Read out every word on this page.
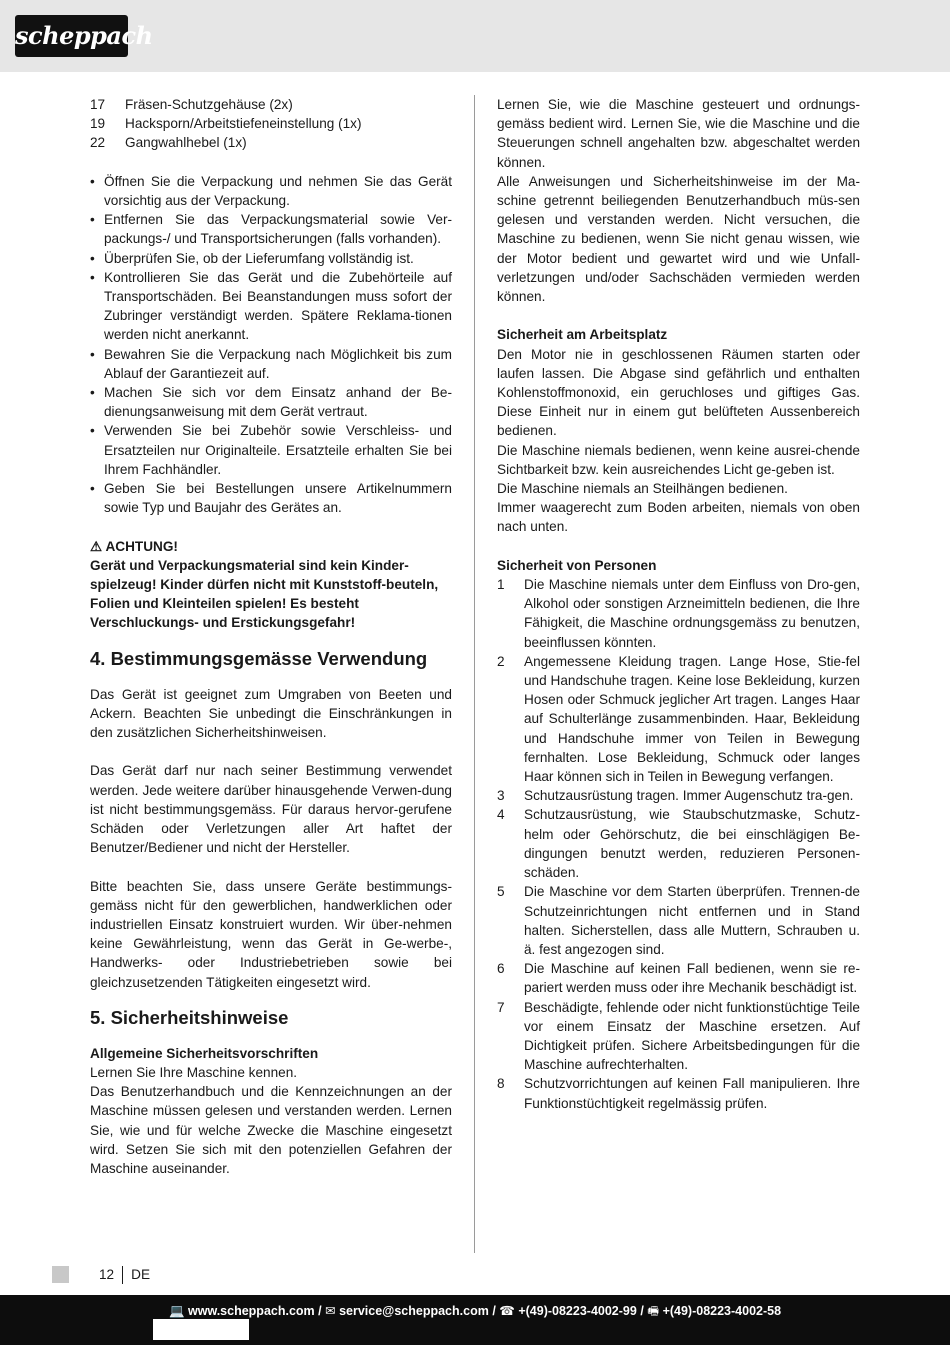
scheppach
17	Fräsen-Schutzgehäuse (2x)
19	Hacksporn/Arbeitstiefeneinstellung (1x)
22	Gangwahlhebel (1x)
• Öffnen Sie die Verpackung und nehmen Sie das Gerät vorsichtig aus der Verpackung.
• Entfernen Sie das Verpackungsmaterial sowie Ver-packungs-/ und Transportsicherungen (falls vorhanden).
• Überprüfen Sie, ob der Lieferumfang vollständig ist.
• Kontrollieren Sie das Gerät und die Zubehörteile auf Transportschäden. Bei Beanstandungen muss sofort der Zubringer verständigt werden. Spätere Reklama-tionen werden nicht anerkannt.
• Bewahren Sie die Verpackung nach Möglichkeit bis zum Ablauf der Garantiezeit auf.
• Machen Sie sich vor dem Einsatz anhand der Be-dienungsanweisung mit dem Gerät vertraut.
• Verwenden Sie bei Zubehör sowie Verschleiss- und Ersatzteilen nur Originalteile. Ersatzteile erhalten Sie bei Ihrem Fachhändler.
• Geben Sie bei Bestellungen unsere Artikelnummern sowie Typ und Baujahr des Gerätes an.
⚠ ACHTUNG!
Gerät und Verpackungsmaterial sind kein Kinder-spielzeug! Kinder dürfen nicht mit Kunststoff-beuteln, Folien und Kleinteilen spielen! Es besteht Verschluckungs- und Erstickungsgefahr!
4. Bestimmungsgemässe Verwendung

Das Gerät ist geeignet zum Umgraben von Beeten und Ackern. Beachten Sie unbedingt die Einschränkungen in den zusätzlichen Sicherheitshinweisen.

Das Gerät darf nur nach seiner Bestimmung verwendet werden. Jede weitere darüber hinausgehende Verwen-dung ist nicht bestimmungsgemäss. Für daraus hervor-gerufene Schäden oder Verletzungen aller Art haftet der Benutzer/Bediener und nicht der Hersteller.

Bitte beachten Sie, dass unsere Geräte bestimmungs-gemäss nicht für den gewerblichen, handwerklichen oder industriellen Einsatz konstruiert wurden. Wir über-nehmen keine Gewährleistung, wenn das Gerät in Ge-werbe-, Handwerks- oder Industriebetrieben sowie bei gleichzusetzenden Tätigkeiten eingesetzt wird.

5. Sicherheitshinweise
Allgemeine Sicherheitsvorschriften

Lernen Sie Ihre Maschine kennen.

Das Benutzerhandbuch und die Kennzeichnungen an der Maschine müssen gelesen und verstanden werden. Lernen Sie, wie und für welche Zwecke die Maschine eingesetzt wird. Setzen Sie sich mit den potenziellen Gefahren der Maschine auseinander.

Lernen Sie, wie die Maschine gesteuert und ordnungs-gemäss bedient wird. Lernen Sie, wie die Maschine und die Steuerungen schnell angehalten bzw. abgeschaltet werden können.

Alle Anweisungen und Sicherheitshinweise im der Ma-schine getrennt beiliegenden Benutzerhandbuch müs-sen gelesen und verstanden werden. Nicht versuchen, die Maschine zu bedienen, wenn Sie nicht genau wissen, wie der Motor bedient und gewartet wird und wie Unfall-verletzungen und/oder Sachschäden vermieden werden können.

Sicherheit am Arbeitsplatz

Den Motor nie in geschlossenen Räumen starten oder laufen lassen. Die Abgase sind gefährlich und enthalten Kohlenstoffmonoxid, ein geruchloses und giftiges Gas. Diese Einheit nur in einem gut belüfteten Aussenbereich bedienen.

Die Maschine niemals bedienen, wenn keine ausrei-chende Sichtbarkeit bzw. kein ausreichendes Licht ge-geben ist.

Die Maschine niemals an Steilhängen bedienen.

Immer waagerecht zum Boden arbeiten, niemals von oben nach unten.

Sicherheit von Personen
1	Die Maschine niemals unter dem Einfluss von Dro-gen, Alkohol oder sonstigen Arzneimitteln bedienen, die Ihre Fähigkeit, die Maschine ordnungsgemäss zu benutzen, beeinflussen könnten.
2	Angemessene Kleidung tragen. Lange Hose, Stie-fel und Handschuhe tragen. Keine lose Bekleidung, kurzen Hosen oder Schmuck jeglicher Art tragen. Langes Haar auf Schulterlänge zusammenbinden. Haar, Bekleidung und Handschuhe immer von Teilen in Bewegung fernhalten. Lose Bekleidung, Schmuck oder langes Haar können sich in Teilen in Bewegung verfangen.
3	Schutzausrüstung tragen. Immer Augenschutz tra-gen.
4	Schutzausrüstung, wie Staubschutzmaske, Schutz-helm oder Gehörschutz, die bei einschlägigen Be-dingungen benutzt werden, reduzieren Personen-schäden.
5	Die Maschine vor dem Starten überprüfen. Trennen-de Schutzeinrichtungen nicht entfernen und in Stand halten. Sicherstellen, dass alle Muttern, Schrauben u. ä. fest angezogen sind.
6	Die Maschine auf keinen Fall bedienen, wenn sie re-pariert werden muss oder ihre Mechanik beschädigt ist.
7	Beschädigte, fehlende oder nicht funktionstüchtige Teile vor einem Einsatz der Maschine ersetzen. Auf Dichtigkeit prüfen. Sichere Arbeitsbedingungen für die Maschine aufrechterhalten.
8	Schutzvorrichtungen auf keinen Fall manipulieren. Ihre Funktionstüchtigkeit regelmässig prüfen.
12 DE
💻 www.scheppach.com / ✉ service@scheppach.com / ☎ +(49)-08223-4002-99 / 🖷 +(49)-08223-4002-58
